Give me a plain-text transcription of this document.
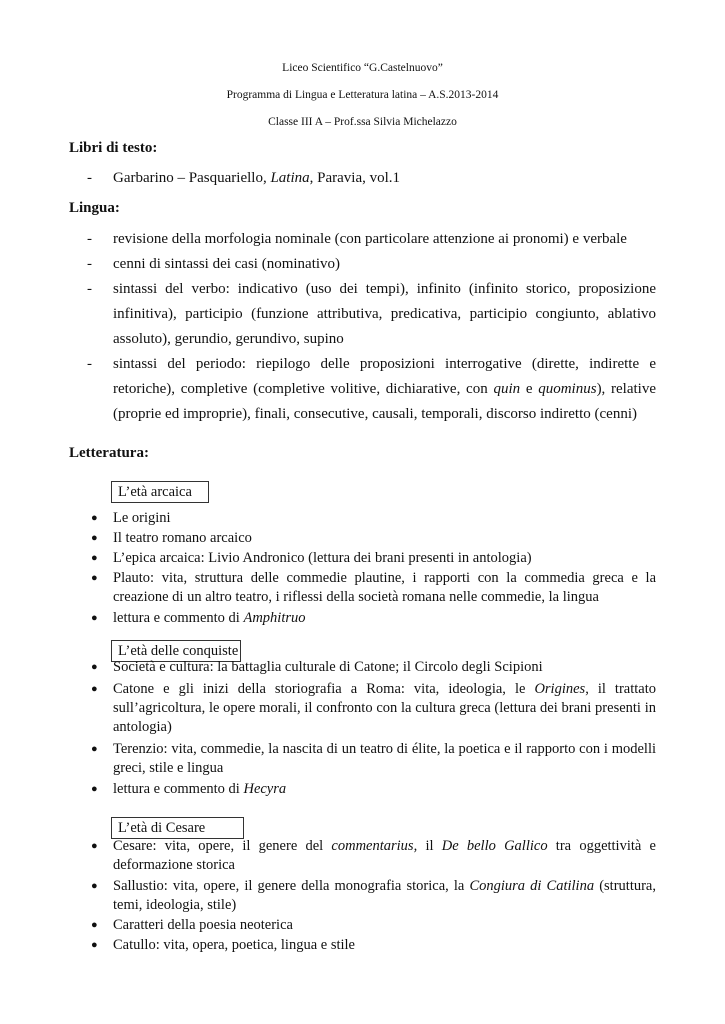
Liceo Scientifico “G.Castelnuovo”
Programma di Lingua e Letteratura latina – A.S.2013-2014
Classe III A – Prof.ssa Silvia Michelazzo
Libri di testo:
- Garbarino – Pasquariello, Latina, Paravia, vol.1
Lingua:
- revisione della morfologia nominale (con particolare attenzione ai pronomi) e verbale
- cenni di sintassi dei casi (nominativo)
- sintassi del verbo: indicativo (uso dei tempi), infinito (infinito storico, proposizione infinitiva), participio (funzione attributiva, predicativa, participio congiunto, ablativo assoluto), gerundio, gerundivo, supino
- sintassi del periodo: riepilogo delle proposizioni interrogative (dirette, indirette e retoriche), completive (completive volitive, dichiarative, con quin e quominus), relative (proprie ed improprie), finali, consecutive, causali, temporali, discorso indiretto (cenni)
Letteratura:
L’età arcaica
● Le origini
● Il teatro romano arcaico
● L’epica arcaica: Livio Andronico (lettura dei brani presenti in antologia)
● Plauto: vita, struttura delle commedie plautine, i rapporti con la commedia greca e la creazione di un altro teatro, i riflessi della società romana nelle commedie, la lingua
● lettura e commento di Amphitruo
L’età delle conquiste
● Società e cultura: la battaglia culturale di Catone; il Circolo degli Scipioni
● Catone e gli inizi della storiografia a Roma: vita, ideologia, le Origines, il trattato sull’agricoltura, le opere morali, il confronto con la cultura greca (lettura dei brani presenti in antologia)
● Terenzio: vita, commedie, la nascita di un teatro di élite, la poetica e il rapporto con i modelli greci, stile e lingua
● lettura e commento di Hecyra
L’età di Cesare
● Cesare: vita, opere, il genere del commentarius, il De bello Gallico tra oggettività e deformazione storica
● Sallustio: vita, opere, il genere della monografia storica, la Congiura di Catilina (struttura, temi, ideologia, stile)
● Caratteri della poesia neoterica
● Catullo: vita, opera, poetica, lingua e stile
